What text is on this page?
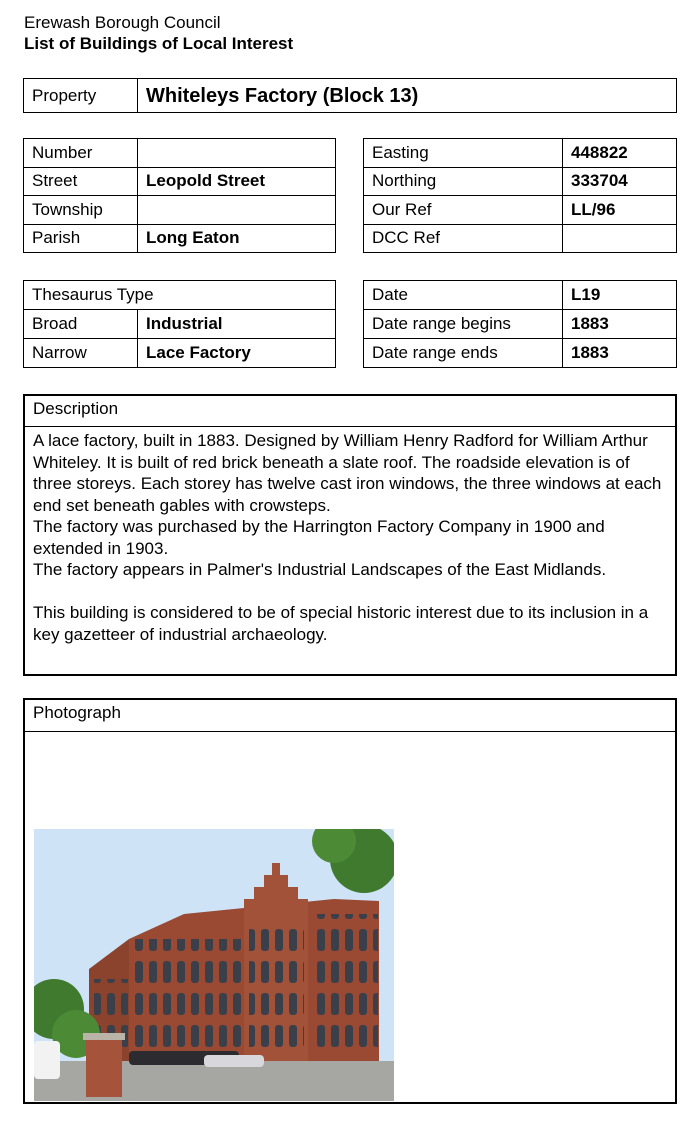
Erewash Borough Council
List of Buildings of Local Interest
Property	Whiteleys Factory (Block 13)
Number	
Street	Leopold Street
Township	
Parish	Long Eaton
Easting	448822
Northing	333704
Our Ref	LL/96
DCC Ref	
Thesaurus Type	
Broad	Industrial
Narrow	Lace Factory
Date	L19
Date range begins	1883
Date range ends	1883
Description

A lace factory, built in 1883. Designed by William Henry Radford for William Arthur Whiteley. It is built of red brick beneath a slate roof. The roadside elevation is of three storeys. Each storey has twelve cast iron windows, the three windows at each end set beneath gables with crowsteps.

The factory was purchased by the Harrington Factory Company in 1900 and extended in 1903.

The factory appears in Palmer's Industrial Landscapes of the East Midlands.

This building is considered to be of special historic interest due to its inclusion in a key gazetteer of industrial archaeology.

Photograph
